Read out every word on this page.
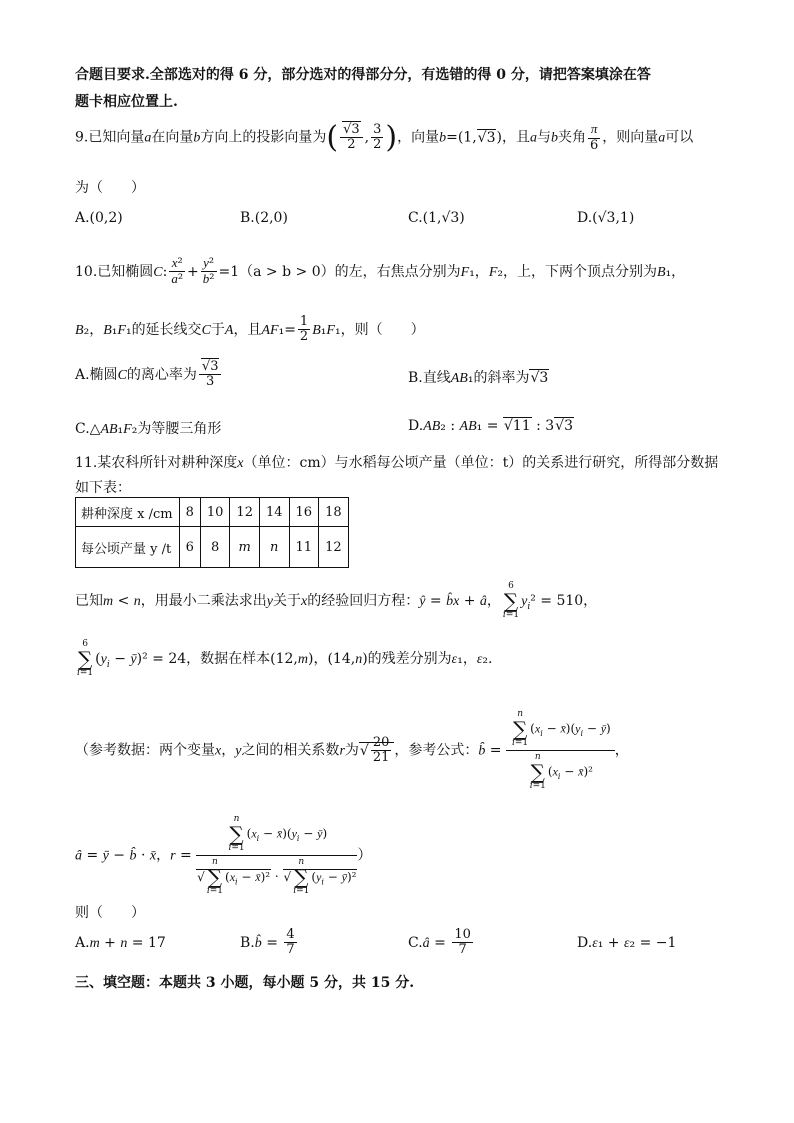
合题目要求.全部选对的得 6 分，部分选对的得部分分，有选错的得 0 分，请把答案填涂在答
题卡相应位置上.
9.已知向量a在向量b方向上的投影向量为( $\frac{√3}{2}$ , $\frac{3}{2}$ )，向量b=(1,√3)，且a与b夹角 $\frac{\pi}{6}$ ，则向量a可以
为（　　）
A.(0,2)	B.(2,0)	C.(1,√3)	D.(√3,1)
10.已知椭圆C: $\frac{\text{x²}}{\text{a²}} + \frac{\text{y²}}{\text{b²}} =1(a > b > 0)$的左，右焦点分别为F₁，F₂，上，下两个顶点分别为B₁，
B₂，B₁F₁的延长线交C于A，且$AF_1= \frac{1}{2} B_1F_1$，则（　　）
A.椭圆C的离心率为 $\frac{√3}{3}$	B.直线AB₁的斜率为√3
C.△AB₁F₂为等腰三角形	D.AB₂ : AB₁ = √11 : 3√3
11.某农科所针对耕种深度x（单位：cm）与水稻每公顷产量（单位：t）的关系进行研究，所得部分数据
如下表：
耕种深度 x /cm	8	10	12	14	16	18
每公顷产量 y /t	6	8	m	n	11	12
已知m < n，用最小二乘法求出y关于x的经验回归方程：ŷ = b̂x + â，6
∑
$i=1y_i^2 = 510$，
6
∑
$i=1(y_i$ − ȳ)² = 24，数据在样本(12,m)，(14,n)的残差分别为ε₁，ε₂.
（参考数据：两个变量x，y之间的相关系数r为√ $\frac{20}{21}$ ，参考公式：b̂ = n
∑
$i=1(x_i$ − $x̄)(y_i$ − ȳ)
n
∑
$i=1(x_i$ − x̄)² ，
â = ȳ − b̂ · x̄，r = n
∑
$i=1(x_i$ − $x̄)(y_i$ − ȳ)
√n
∑
$i=1(x_i$ − x̄)² · √n
∑
$i=1(y_i$ − ȳ)² ）
则（　　）
A.m + n = 17	B.b̂ = $\frac{4}{7}$	C.â = $\frac{10}{7}$	D.ε₁ + ε₂ = −1
三、填空题：本题共 3 小题，每小题 5 分，共 15 分.
